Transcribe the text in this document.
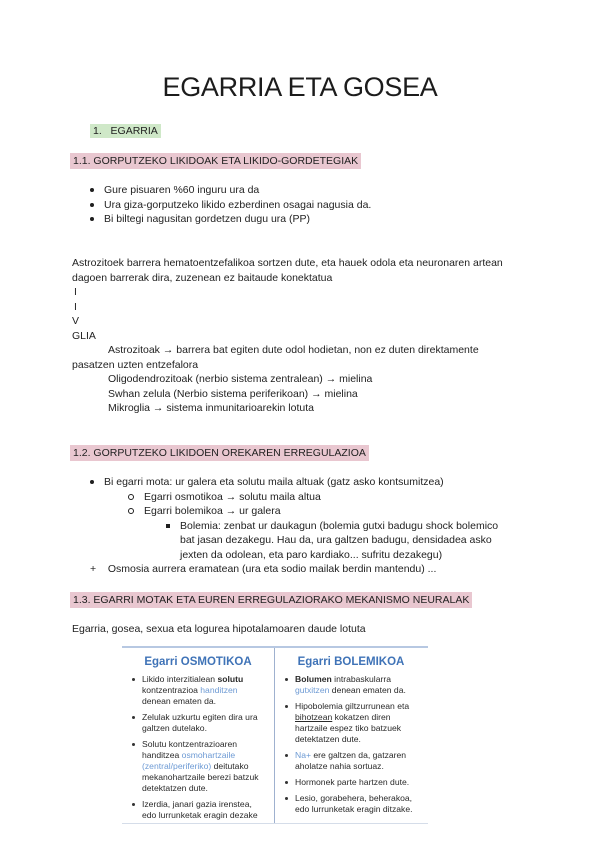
EGARRIA ETA GOSEA
1. EGARRIA
1.1. GORPUTZEKO LIKIDOAK ETA LIKIDO-GORDETEGIAK
Gure pisuaren %60 inguru ura da
Ura giza-gorputzeko likido ezberdinen osagai nagusia da.
Bi biltegi nagusitan gordetzen dugu ura (PP)
Astrozitoek barrera hematoentzefalikoa sortzen dute, eta hauek odola eta neuronaren artean
dagoen barrerak dira, zuzenean ez baitaude konektatua
I
I
V
GLIA
Astrozitoak → barrera bat egiten dute odol hodietan, non ez duten direktamente
pasatzen uzten entzefalora
Oligodendrozitoak (nerbio sistema zentralean) → mielina
Swhan zelula (Nerbio sistema periferikoan) → mielina
Mikroglia → sistema inmunitarioarekin lotuta
1.2. GORPUTZEKO LIKIDOEN OREKAREN ERREGULAZIOA
Bi egarri mota: ur galera eta solutu maila altuak (gatz asko kontsumitzea)
Egarri osmotikoa → solutu maila altua
Egarri bolemikoa → ur galera
Bolemia: zenbat ur daukagun (bolemia gutxi badugu shock bolemico
bat jasan dezakegu. Hau da, ura galtzen badugu, densidadea asko
jexten da odolean, eta paro kardiako... sufritu dezakegu)
+ Osmosia aurrera eramatean (ura eta sodio mailak berdin mantendu) ...
1.3. EGARRI MOTAK ETA EUREN ERREGULAZIORAKO MEKANISMO NEURALAK
Egarria, gosea, sexua eta logurea hipotalamoaren daude lotuta
Egarri OSMOTIKOA
Likido interzitialean solutu kontzentrazioa handitzen denean ematen da.
Zelulak uzkurtu egiten dira ura galtzen dutelako.
Solutu kontzentrazioaren handitzea osmohartzaile (zentral/periferiko) deitutako mekanohartzaile berezi batzuk detektatzen dute.
Izerdia, janari gazia irenstea, edo lurrunketak eragin dezake
Egarri BOLEMIKOA
Bolumen intrabaskularra gutxitzen denean ematen da.
Hipobolemia giltzurrunean eta bihotzean kokatzen diren hartzaile espez tiko batzuek detektatzen dute.
Na+ ere galtzen da, gatzaren aholatze nahia sortuaz.
Hormonek parte hartzen dute.
Lesio, gorabehera, beherakoa, edo lurrunketak eragin ditzake.
